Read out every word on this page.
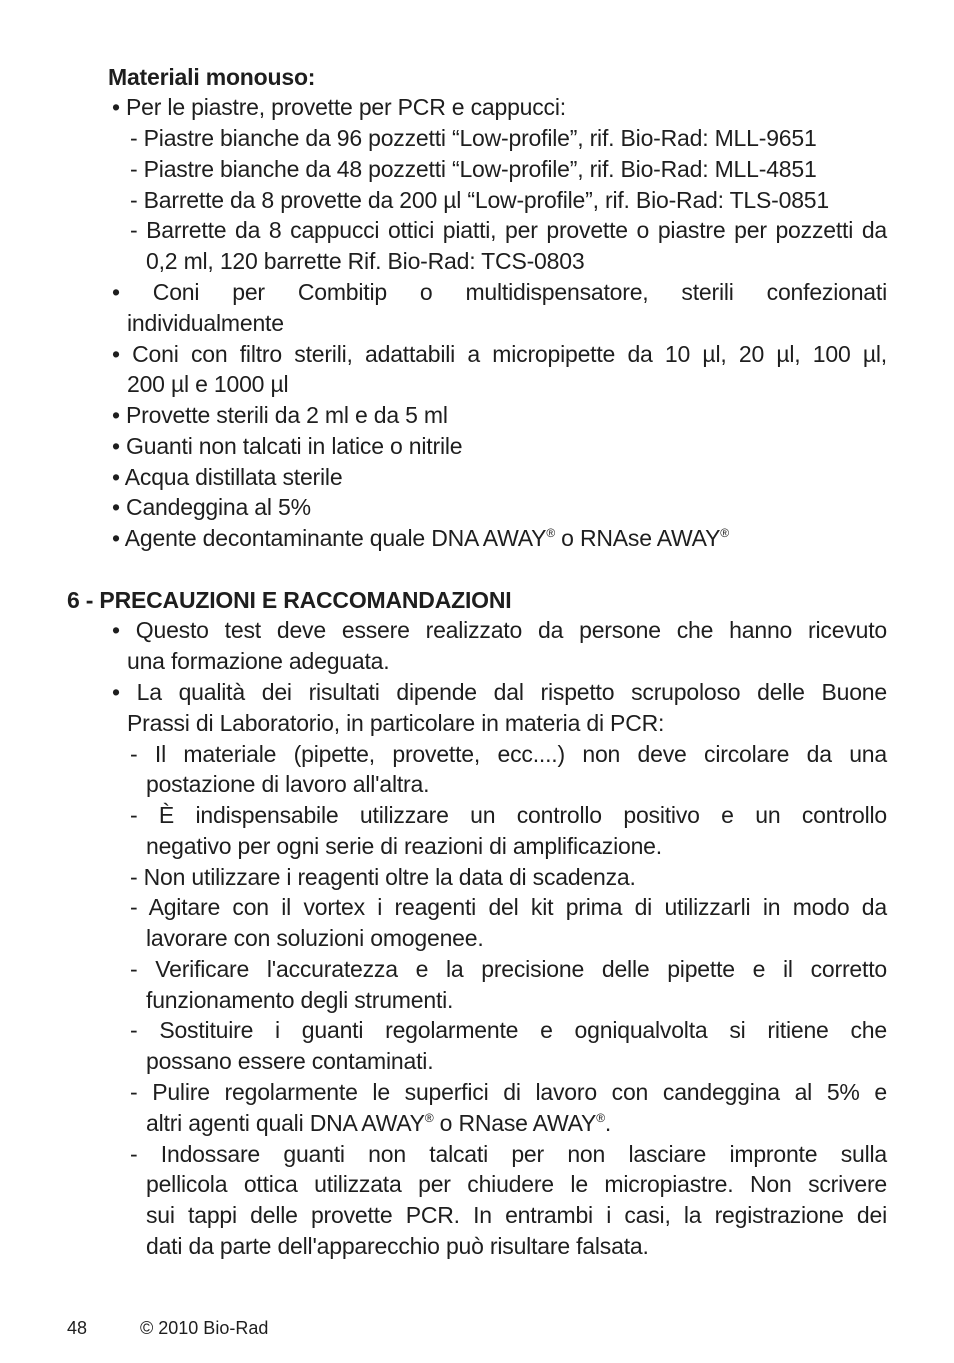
Materiali monouso:
• Per le piastre, provette per PCR e cappucci:
- Piastre bianche da 96 pozzetti “Low-profile”, rif. Bio-Rad: MLL-9651
- Piastre bianche da 48 pozzetti “Low-profile”, rif. Bio-Rad: MLL-4851
- Barrette da 8 provette da 200 µl “Low-profile”, rif. Bio-Rad: TLS-0851
- Barrette da 8 cappucci ottici piatti, per provette o piastre per pozzetti da
0,2 ml, 120 barrette Rif. Bio-Rad: TCS-0803
• Coni per Combitip o multidispensatore, sterili confezionati
individualmente
• Coni con filtro sterili, adattabili a micropipette da 10 µl, 20 µl, 100 µl,
200 µl e 1000 µl
• Provette sterili da 2 ml e da 5 ml
• Guanti non talcati in latice o nitrile
• Acqua distillata sterile
• Candeggina al 5%
• Agente decontaminante quale DNA AWAY® o RNAse AWAY®
6 - PRECAUZIONI E RACCOMANDAZIONI
• Questo test deve essere realizzato da persone che hanno ricevuto
una formazione adeguata.
• La qualità dei risultati dipende dal rispetto scrupoloso delle Buone
Prassi di Laboratorio, in particolare in materia di PCR:
- Il materiale (pipette, provette, ecc....) non deve circolare da una
postazione di lavoro all'altra.
- È indispensabile utilizzare un controllo positivo e un controllo
negativo per ogni serie di reazioni di amplificazione.
- Non utilizzare i reagenti oltre la data di scadenza.
- Agitare con il vortex i reagenti del kit prima di utilizzarli in modo da
lavorare con soluzioni omogenee.
- Verificare l'accuratezza e la precisione delle pipette e il corretto
funzionamento degli strumenti.
- Sostituire i guanti regolarmente e ogniqualvolta si ritiene che
possano essere contaminati.
- Pulire regolarmente le superfici di lavoro con candeggina al 5% e
altri agenti quali DNA AWAY® o RNase AWAY®.
- Indossare guanti non talcati per non lasciare impronte sulla
pellicola ottica utilizzata per chiudere le micropiastre. Non scrivere
sui tappi delle provette PCR. In entrambi i casi, la registrazione dei
dati da parte dell'apparecchio può risultare falsata.
48	© 2010 Bio-Rad
